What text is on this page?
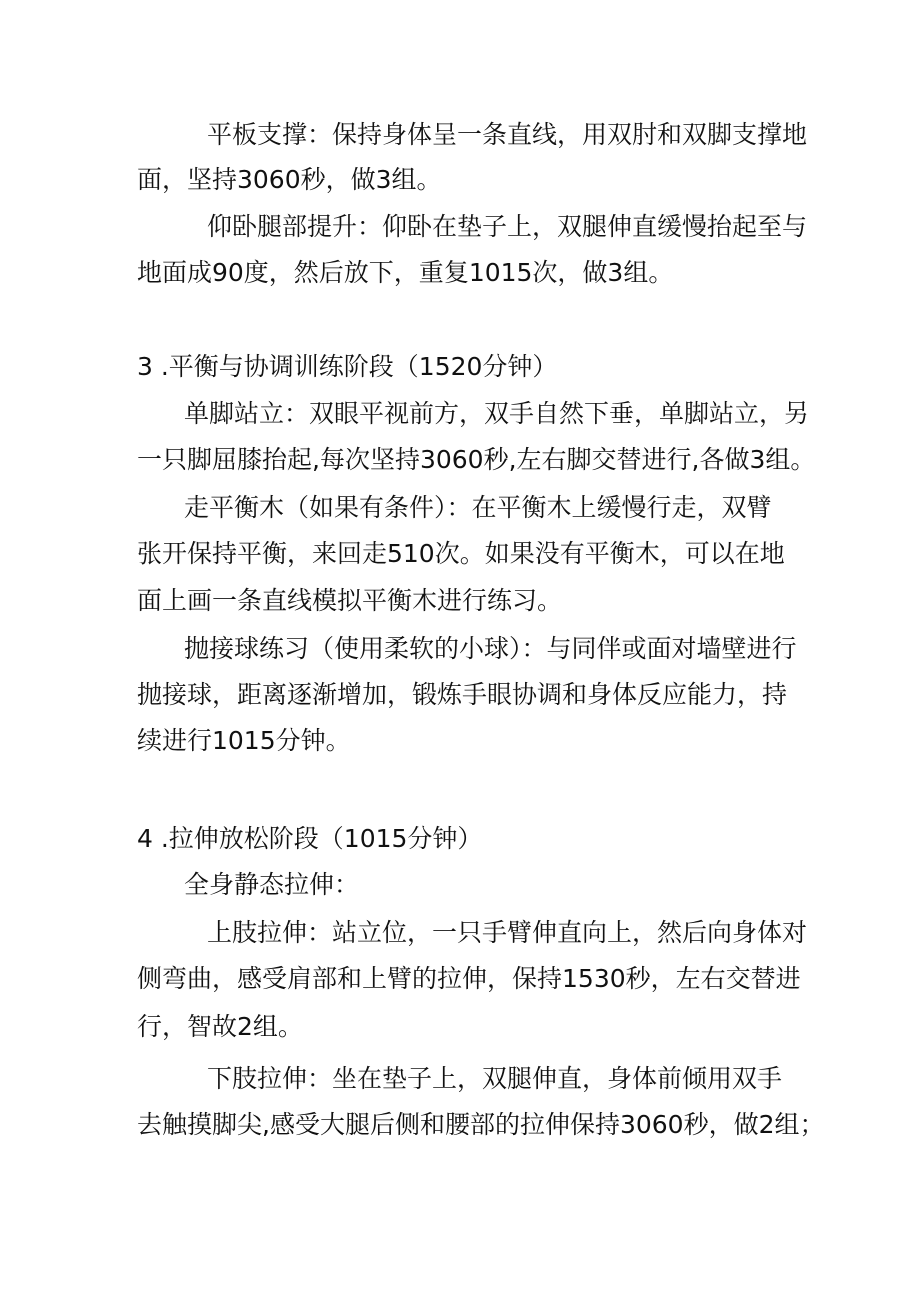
平板支撑：保持身体呈一条直线，用双肘和双脚支撑地
面，坚持3060秒，做3组。
仰卧腿部提升：仰卧在垫子上，双腿伸直缓慢抬起至与
地面成90度，然后放下，重复1015次，做3组。
3 .平衡与协调训练阶段（1520分钟）
单脚站立：双眼平视前方，双手自然下垂，单脚站立，另
一只脚屈膝抬起,每次坚持3060秒,左右脚交替进行,各做3组。
走平衡木（如果有条件）：在平衡木上缓慢行走，双臂
张开保持平衡，来回走510次。如果没有平衡木，可以在地
面上画一条直线模拟平衡木进行练习。
抛接球练习（使用柔软的小球）：与同伴或面对墙壁进行
抛接球，距离逐渐增加，锻炼手眼协调和身体反应能力，持
续进行1015分钟。
4 .拉伸放松阶段（1015分钟）
全身静态拉伸：
上肢拉伸：站立位，一只手臂伸直向上，然后向身体对
侧弯曲，感受肩部和上臂的拉伸，保持1530秒，左右交替进
行，智故2组。
下肢拉伸：坐在垫子上，双腿伸直，身体前倾用双手
去触摸脚尖,感受大腿后侧和腰部的拉伸保持3060秒，做2组；
